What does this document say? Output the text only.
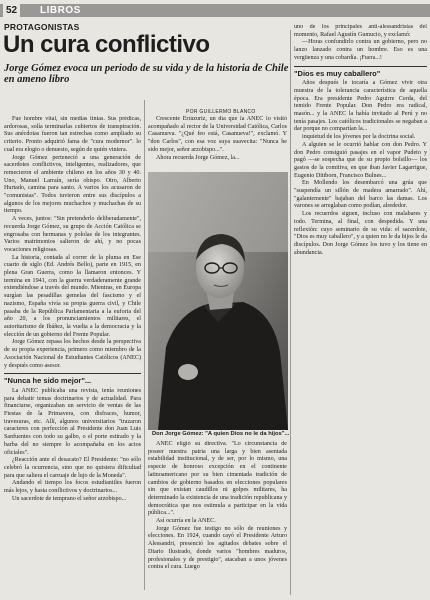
52	LIBROS
PROTAGONISTAS
Un cura conflictivo
Jorge Gómez evoca un periodo de su vida y de la historia de Chile en ameno libro
POR GUILLERMO BLANCO

Fue hombre vital, sin medias tintas. Sus prédicas, ardorosas, solía terminarlas cubiertos de transpiración. Sus anécdotas fueron tan estrechas como ampliado su criterio. Pronto adquirió fama de "cura modernor". lo cual era elogio o denuesto, según de quién viniera.

Jorge Gómez perteneció a una generación de sacerdotes conflictivos, inteligentes, realizadores, que remecieron el ambiente chileno en los años 30 y 40. Uno, Manuel Larraín, sería obispo. Otro, Alberto Hurtado, camina para santo. A varios los acusaron de "comunistas". Todos tuvieron entre sus discípulos a algunos de los mejores muchachos y muchachas de su tiempo.

A veces, juntos: "Sin pretenderlo deliberadamente", recuerda Jorge Gómez, su grupo de Acción Católica se engrosaba con hermanas y pololas de los integrantes. Varios matrimonios salieron de ahí, y no pocas vocaciones religiosas.

La historia, contada al correr de la pluma en Ese cuarto de siglo (Ed. Andrés Bello), parte en 1915, en plena Gran Guerra, como la llamaron entonces. Y termina en 1941, con la guerra verdaderamente grande extendiéndose a través del mundo. Mientras, en Europa surgían las pesadillas gemelas del fascismo y el nazismo, España vivía su propia guerra civil, y Chile pasaba de la República Parlamentaria a la euforia del año 20, a los pronunciamientos militares, el autoritarismo de Ibáñez, la vuelta a la democracia y la elección de un gobierno del Frente Popular.

Jorge Gómez repasa los hechos desde la perspectiva de su propia experiencia, primero como miembro de la Asociación Nacional de Estudiantes Católicos (ANEC) y después como asesor.

"Nunca he sido mejor"...

La ANEC publicaba una revista, tenía reuniones para debatir temas doctrinarios y de actualidad. Para financiarse, organizaban un servicio de ventas de las Fiestas de la Primavera, con disfraces, humor, travesuras, etc. Allí, algunos universitarios "trazaron caracteres con perfección al Presidente don Juan Luis Sanfuentes con todo su galbo, o el porte estirado y la barba del no siempre lo acompañaba en los actos oficiales".

¿Reacción ante el desacato? El Presidente: "no sólo celebró la ocurrencia, sino que no quisiera dificultad para que saliera el carruaje de lujo de la Moneda".

Andando el tiempo los focos estudiantiles fueron más lejos, y hasta conflictivos y doctrinarios...

Un sacerdote de temprano el señor arzobispo...

Crescente Errázuriz, un día que la ANEC lo visitó acompañado al rector de la Universidad Católica, Carlos Casanueva. "¿Qué feo está, Casanueva!", exclamó. Y "don Carlos", con esa voz suya suavecita: "Nunca he sido mejor, señor arzobispo...".

Ahora recuerda Jorge Gómez, la...

Don Jorge Gómez: "A quien Dios no le da hijos"...

ANEC eligió su directiva. "Lo circunstancia de poseer nuestra patria una larga y bien asentada estabilidad institucional, y de ser, por lo mismo, una especie de honroso excepción en el continente latinoamericano por su bien cimentada tradición de cambios de gobierno basados en elecciones populares sin que existan caudillos ni golpes militares, ha determinado la existencia de una tradición republicana y democrática que nos estimula a participar en la vida pública...".

Así ocurría en la ANEC.

Jorge Gómez fue testigo no sólo de reuniones y elecciones. En 1924, cuando cayó el Presidente Arturo Alessandri, presenció los agitados debates sobre el Diario Ilustrado, donde varios "hombres maduros, profesionales y de prestigio", atacaban a unos jóvenes contra el cura. Luego

uno de los principales anti-alessandristas del momento, Rafael Agustín Gumucio, y exclamó:

—Horas confundirlo contra un gobierno, pero no lanzo lanzado contra un hombre. Eso es una vergüenza y una cobardía. ¡Fuera...!

"Dios es muy caballero"

Años después le tocaría a Gómez vivir otra muestra de la tolerancia característica de aquella época. Era presidente Pedro Aguirre Cerda, del temido Frente Popular. Don Pedro era radical, masón... y la ANEC la había invitado al Perú y no tenía pasajes. Los católicos tradicionales se negaban a dar porque no compartían la...

inquietud de los jóvenes por la doctrina social.

A alguien se le ocurrió hablar con don Pedro. Y don Pedro consiguió pasajes en el vapor Pudeto y pagó —se sospecha que de su propio bolsillo— los gastos de la comitiva, en que iban Javier Lagarrigue, Eugenio Dittborn, Francisco Bulnes...

En Mollendo los desembarcó una grúa que "suspendía un sillón de madera amarrado". Ahí, "galantemente" bajaban del barco las damas. Los varones se arreglaban como podían, alrededor.

Los recuerdos siguen, incluso con malabares y todo. Termina, al final, con despedida. Y una reflexión: cuyo seminario de su vida: el sacerdote, "Dios es muy caballero", y a quien no le da hijos le da discípulos. Don Jorge Gómez los tuvo y los tiene en abundancia.
